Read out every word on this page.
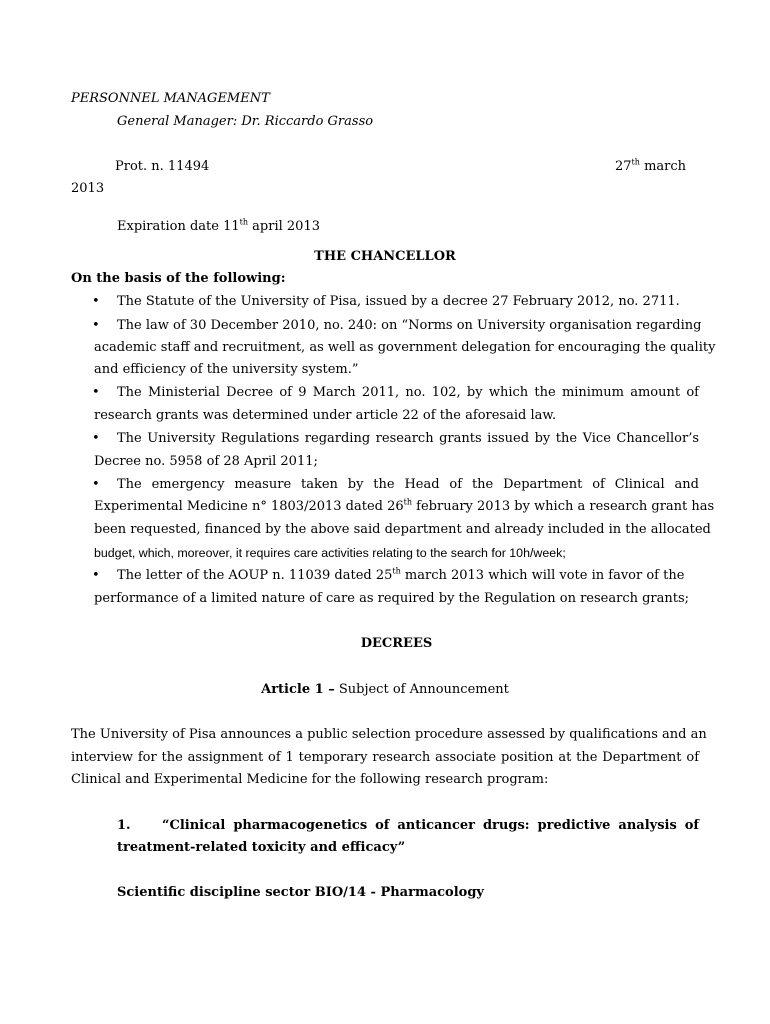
PERSONNEL MANAGEMENT
General Manager: Dr. Riccardo Grasso
Prot. n. 11494	27th march
2013
Expiration date 11th april 2013
THE CHANCELLOR
On the basis of the following:
• The Statute of the University of Pisa, issued by a decree 27 February 2012, no. 2711.
• The law of 30 December 2010, no. 240: on “Norms on University organisation regarding
academic staff and recruitment, as well as government delegation for encouraging the quality
and efficiency of the university system.”
• The Ministerial Decree of 9 March 2011, no. 102, by which the minimum amount of
research grants was determined under article 22 of the aforesaid law.
• The University Regulations regarding research grants issued by the Vice Chancellor’s
Decree no. 5958 of 28 April 2011;
• The emergency measure taken by the Head of the Department of Clinical and
Experimental Medicine n° 1803/2013 dated 26th february 2013 by which a research grant has
been requested, financed by the above said department and already included in the allocated
budget, which, moreover, it requires care activities relating to the search for 10h/week;
• The letter of the AOUP n. 11039 dated 25th march 2013 which will vote in favor of the
performance of a limited nature of care as required by the Regulation on research grants;
DECREES
Article 1 – Subject of Announcement
The University of Pisa announces a public selection procedure assessed by qualifications and an
interview for the assignment of 1 temporary research associate position at the Department of
Clinical and Experimental Medicine for the following research program:
1. “Clinical pharmacogenetics of anticancer drugs: predictive analysis of
treatment-related toxicity and efficacy”
Scientific discipline sector BIO/14 - Pharmacology
